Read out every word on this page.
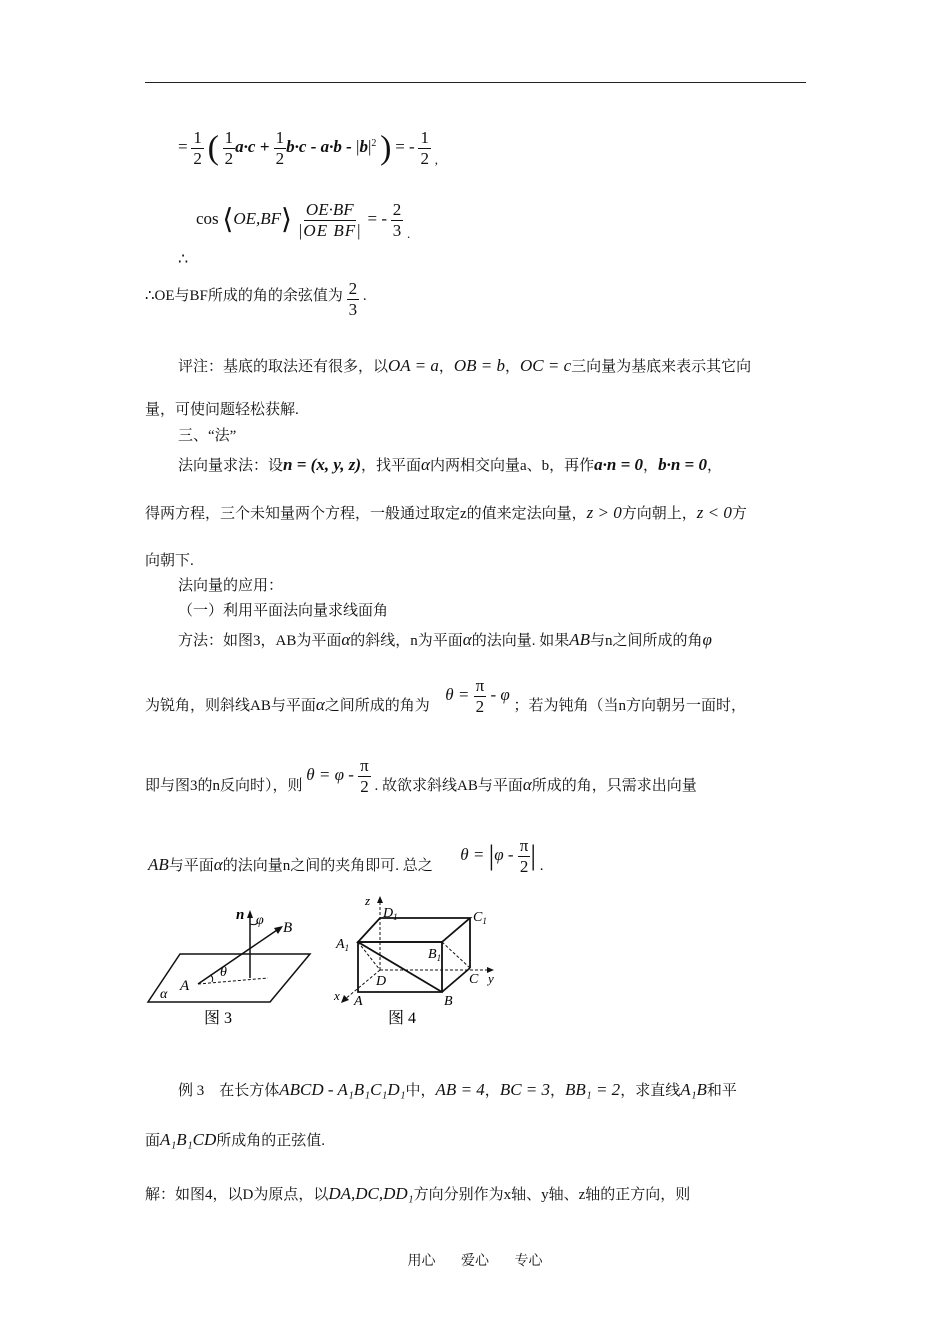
= $\frac{1}{2}$ ( $\frac{1}{2} a\cdot c + \frac{1}{2} b\cdot c - a\cdot b - |b|^2$ ) = - $\frac{1}{2}$ ,
∴
cos ⟨OE,BF⟩ $\frac{OE\cdot BF}{\text{|OE BF|}}$ = - $\frac{2}{3}$ .
∴OE与BF所成的角的余弦值为 $\frac{2}{3}$ .
评注：基底的取法还有很多，以OA = a，OB = b，OC = c三向量为基底来表示其它向
量，可使问题轻松获解.
三、“法”
法向量求法：设n = (x, y, z)，找平面α内两相交向量a、b，再作a·n = 0，b·n = 0，
得两方程，三个未知量两个方程，一般通过取定z的值来定法向量，z > 0方向朝上，z < 0方
向朝下.
法向量的应用：
（一）利用平面法向量求线面角
方法：如图3，AB为平面α的斜线，n为平面α的法向量. 如果AB与n之间所成的角φ
为锐角，则斜线AB与平面α之间所成的角为  $\theta = \frac{\pi}{2} - \varphi$ ；若为钝角（当n方向朝另一面时，
即与图3的n反向时），则 $\theta = \varphi - \frac{\pi}{2}$ . 故欲求斜线AB与平面α所成的角，只需求出向量
AB与平面α的法向量n之间的夹角即可. 总之  $\theta = |\varphi - \frac{\pi}{2}$ | .
n φ B
θ
A
α
图 3
z
$D_1$	$C_1$
$A_1$	$B_1$
D	C y
x A	B
图 4
例 3　在长方体ABCD - A₁B₁C₁D₁中，AB = 4，BC = 3，BB₁ = 2，求直线A₁B和平
面A₁B₁CD所成角的正弦值.
解：如图4，以D为原点，以DA,DC,DD₁方向分别作为x轴、y轴、z轴的正方向，则
用心 爱心 专心
